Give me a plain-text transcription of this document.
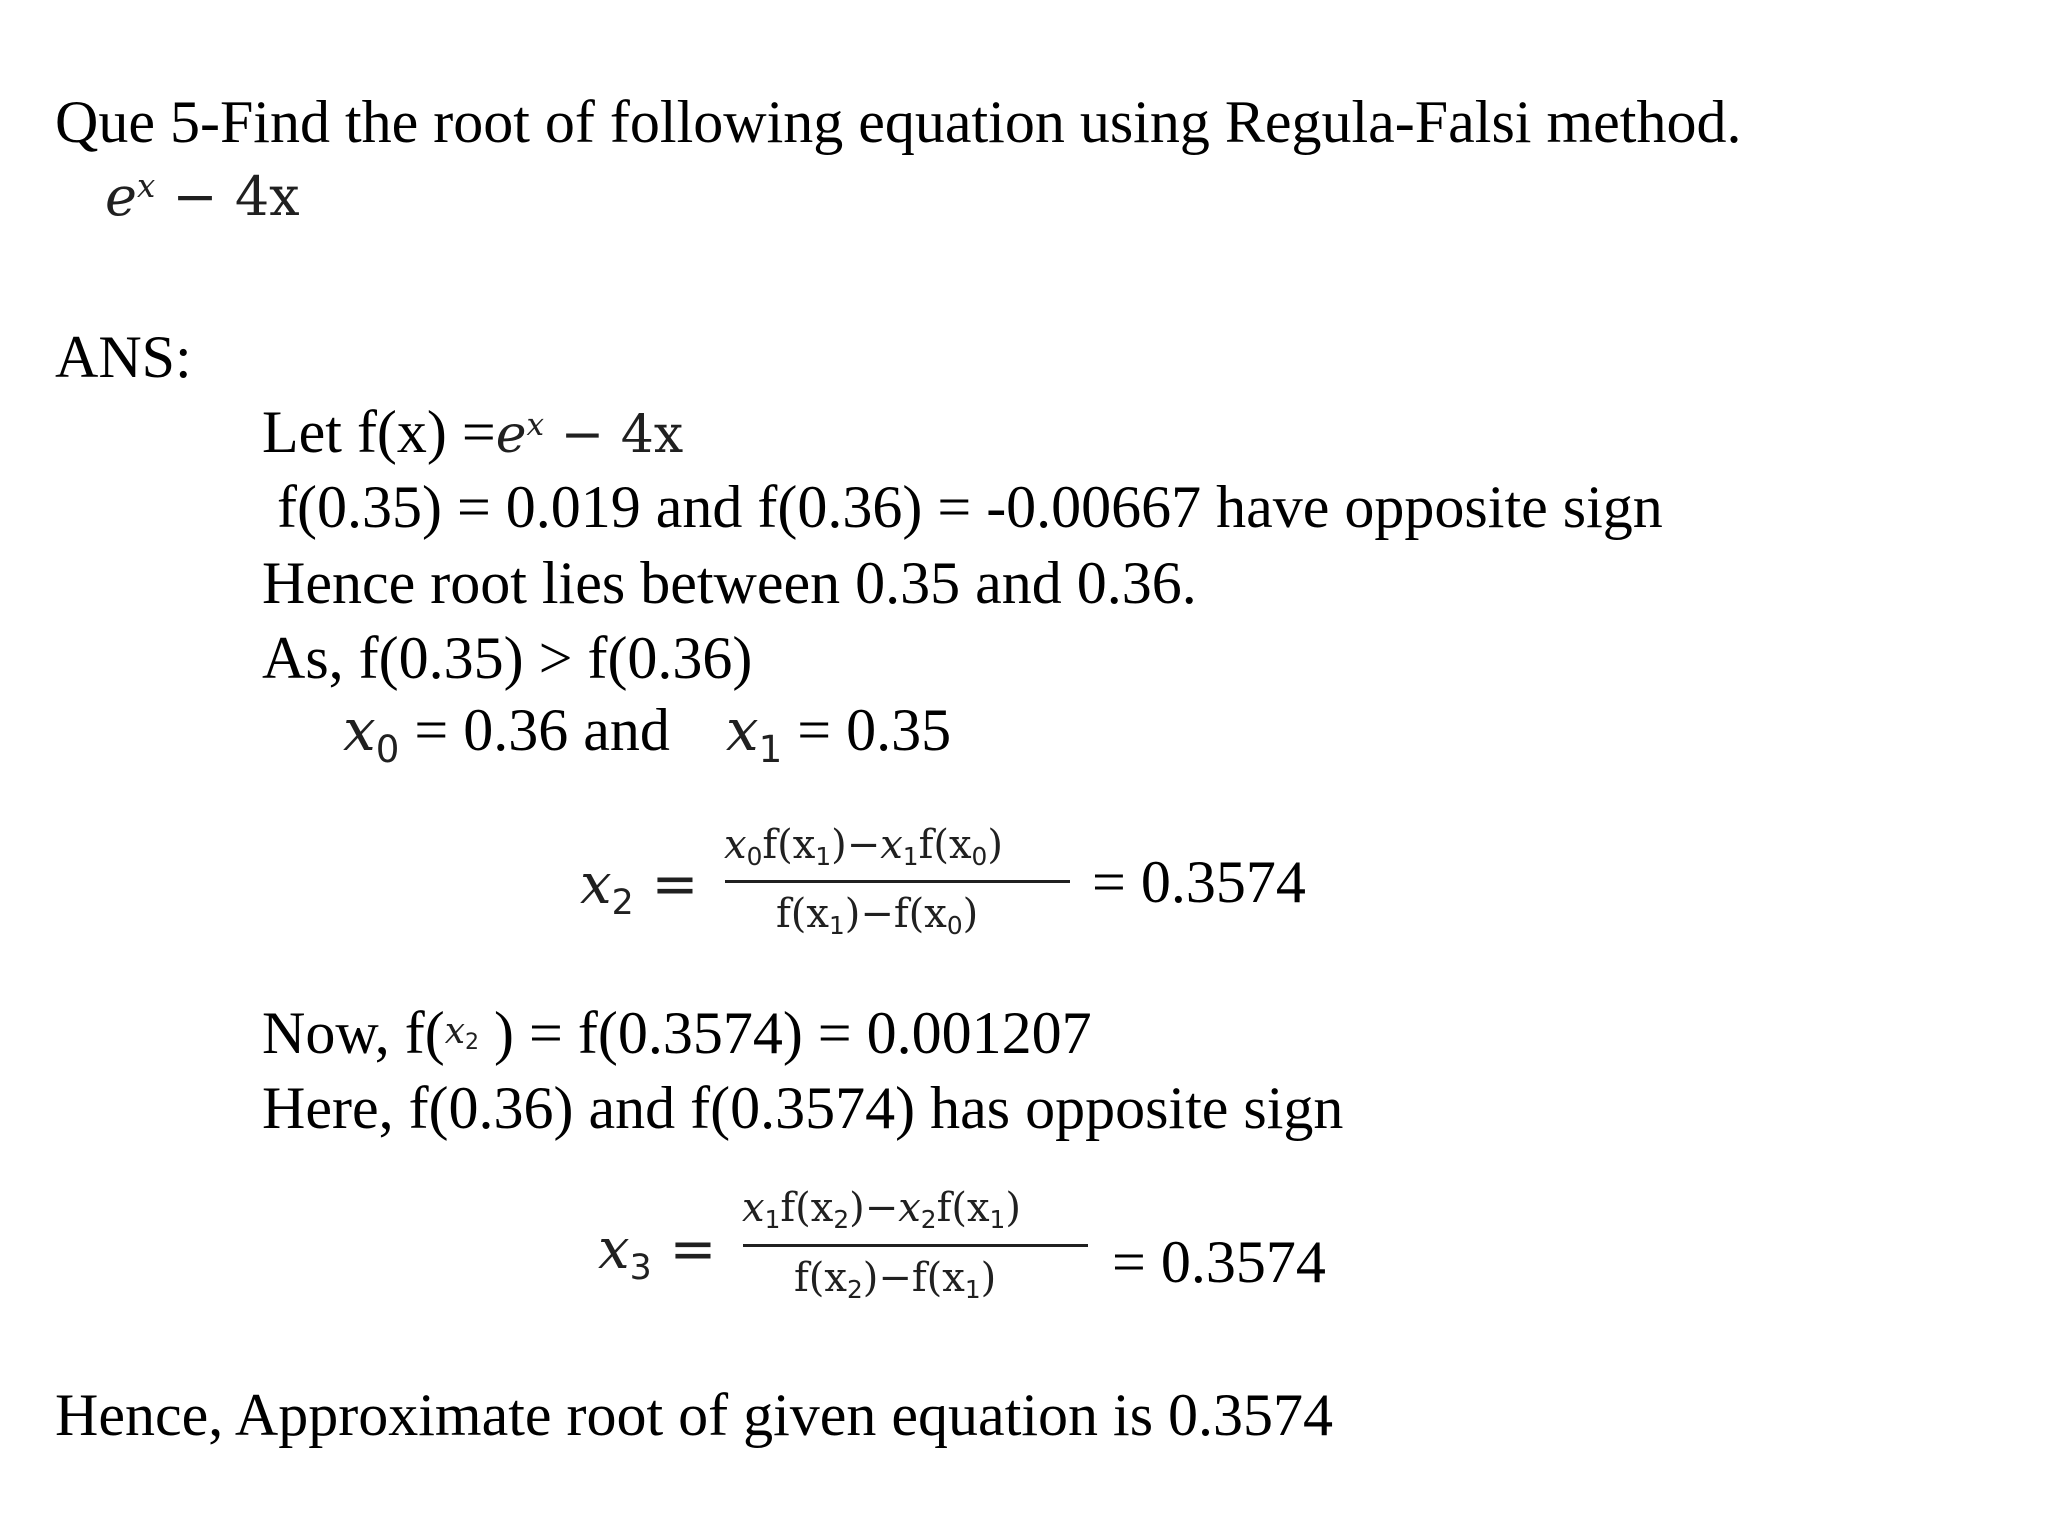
Que 5-Find the root of following equation using Regula-Falsi method.
$e^x - 4x$
ANS:
Let $f(x) =e^x - 4x$
f(0.35) = 0.019 and f(0.36) = -0.00667 have opposite sign
Hence root lies between 0.35 and 0.36.
As, f(0.35) > f(0.36)
x0 = 0.36 and x1 = 0.35
x2 =
x0f(x1)−x1f(x0)
f(x1)−f(x0) = 0.3574
Now, f(x2 ) = f(0.3574) = 0.001207
Here, f(0.36) and f(0.3574) has opposite sign
x3 =
x1f(x2)−x2f(x1)
f(x2)−f(x1) = 0.3574
Hence, Approximate root of given equation is 0.3574
